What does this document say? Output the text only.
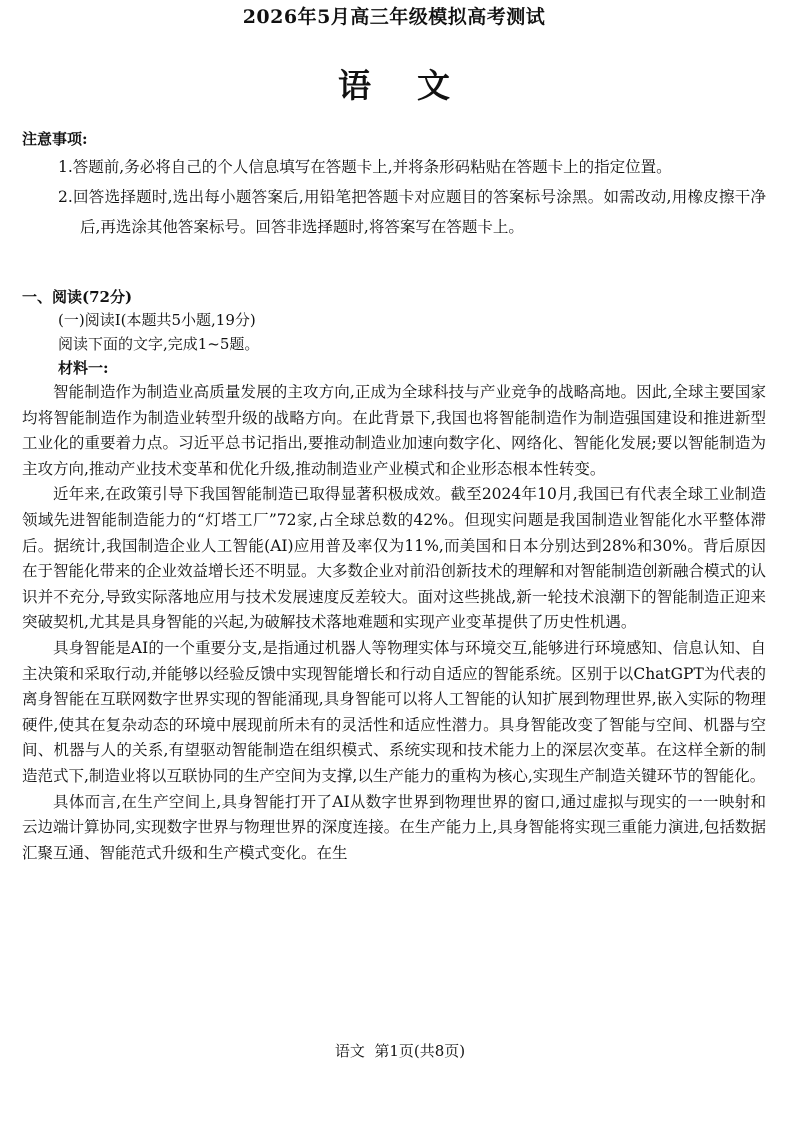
2026年5月高三年级模拟高考测试
语    文
注意事项:
1.答题前,务必将自己的个人信息填写在答题卡上,并将条形码粘贴在答题卡上的指定位置。
2.回答选择题时,选出每小题答案后,用铅笔把答题卡对应题目的答案标号涂黑。如需改动,用橡皮擦干净后,再选涂其他答案标号。回答非选择题时,将答案写在答题卡上。
一、阅读(72分)
(一)阅读Ⅰ(本题共5小题,19分)
阅读下面的文字,完成1~5题。
材料一:

智能制造作为制造业高质量发展的主攻方向,正成为全球科技与产业竞争的战略高地。因此,全球主要国家均将智能制造作为制造业转型升级的战略方向。在此背景下,我国也将智能制造作为制造强国建设和推进新型工业化的重要着力点。习近平总书记指出,要推动制造业加速向数字化、网络化、智能化发展;要以智能制造为主攻方向,推动产业技术变革和优化升级,推动制造业产业模式和企业形态根本性转变。

近年来,在政策引导下我国智能制造已取得显著积极成效。截至2024年10月,我国已有代表全球工业制造领域先进智能制造能力的“灯塔工厂”72家,占全球总数的42%。但现实问题是我国制造业智能化水平整体滞后。据统计,我国制造企业人工智能(AI)应用普及率仅为11%,而美国和日本分别达到28%和30%。背后原因在于智能化带来的企业效益增长还不明显。大多数企业对前沿创新技术的理解和对智能制造创新融合模式的认识并不充分,导致实际落地应用与技术发展速度反差较大。面对这些挑战,新一轮技术浪潮下的智能制造正迎来突破契机,尤其是具身智能的兴起,为破解技术落地难题和实现产业变革提供了历史性机遇。

具身智能是AI的一个重要分支,是指通过机器人等物理实体与环境交互,能够进行环境感知、信息认知、自主决策和采取行动,并能够以经验反馈中实现智能增长和行动自适应的智能系统。区别于以ChatGPT为代表的离身智能在互联网数字世界实现的智能涌现,具身智能可以将人工智能的认知扩展到物理世界,嵌入实际的物理硬件,使其在复杂动态的环境中展现前所未有的灵活性和适应性潜力。具身智能改变了智能与空间、机器与空间、机器与人的关系,有望驱动智能制造在组织模式、系统实现和技术能力上的深层次变革。在这样全新的制造范式下,制造业将以互联协同的生产空间为支撑,以生产能力的重构为核心,实现生产制造关键环节的智能化。

具体而言,在生产空间上,具身智能打开了AI从数字世界到物理世界的窗口,通过虚拟与现实的一一映射和云边端计算协同,实现数字世界与物理世界的深度连接。在生产能力上,具身智能将实现三重能力演进,包括数据汇聚互通、智能范式升级和生产模式变化。在生

语文  第1页(共8页)
